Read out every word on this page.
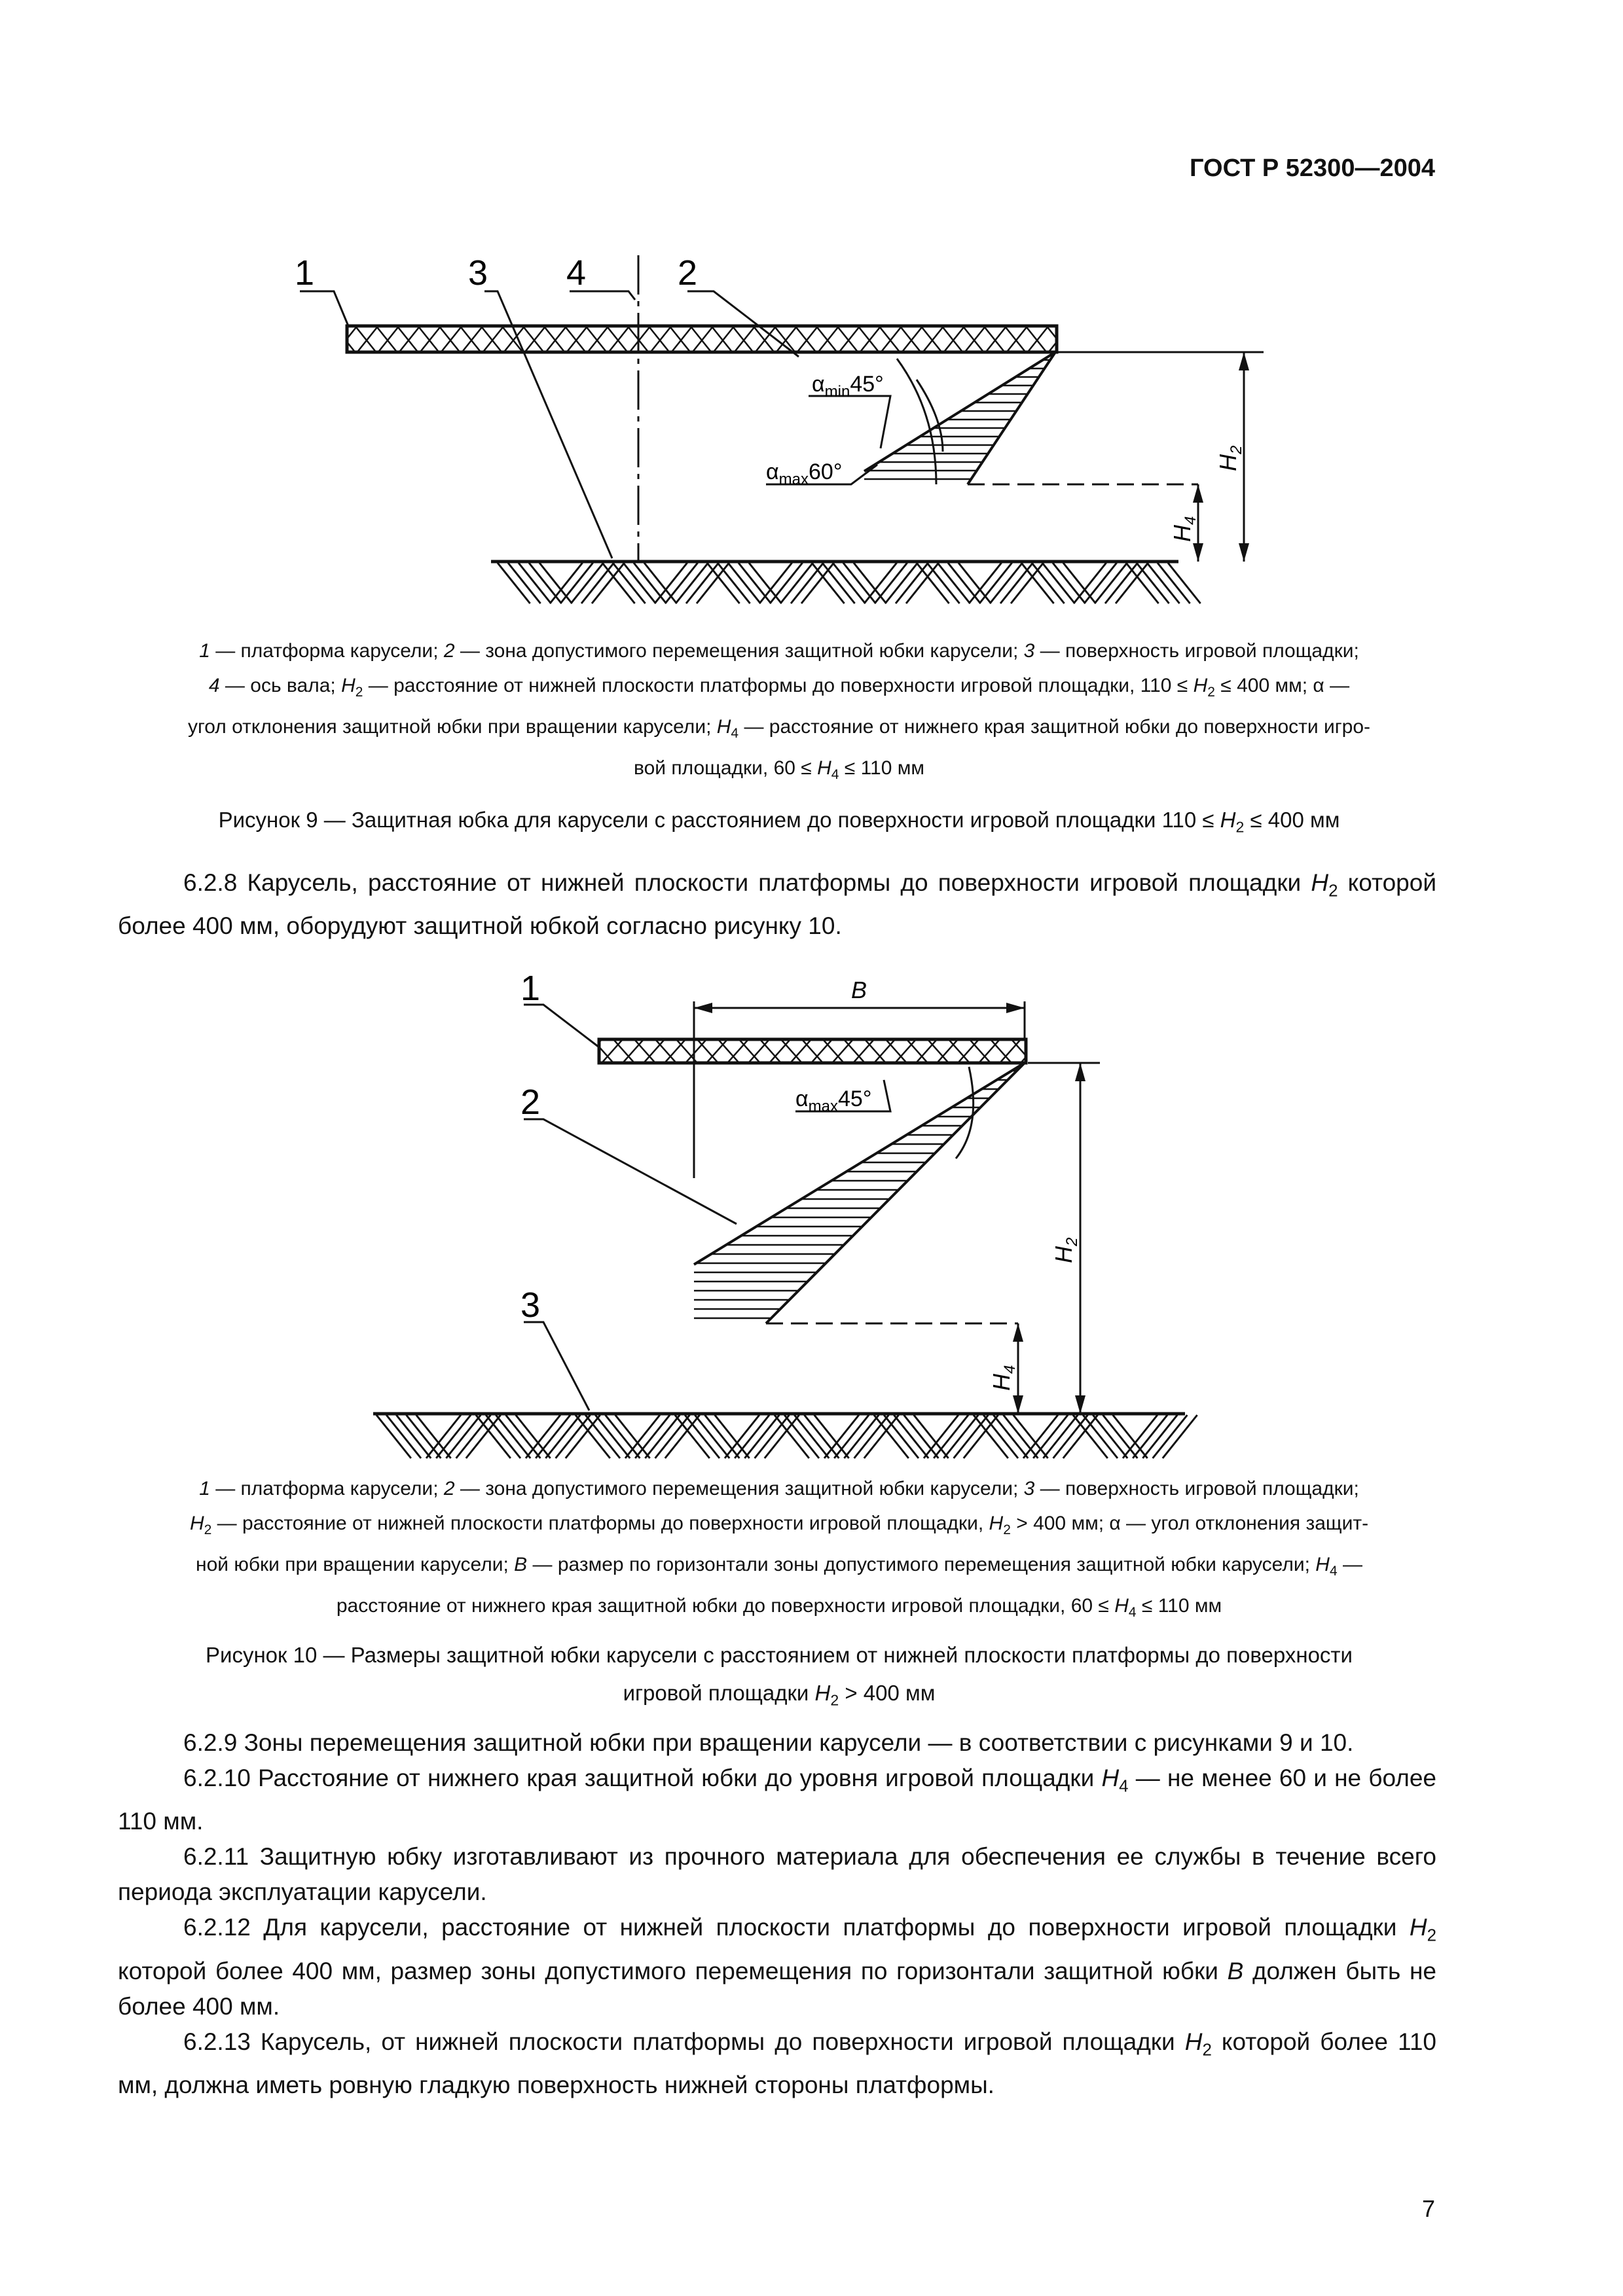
ГОСТ Р 52300—2004
1	3 4	2
$\alpha_{min}45^\circ$
$\alpha_{max}60^\circ$	$H_2$
$H_4$
1 — платформа карусели; 2 — зона допустимого перемещения защитной юбки карусели; 3 — поверхность игровой площадки;
4 — ось вала; $H_2$ — расстояние от нижней плоскости платформы до поверхности игровой площадки, $110 \le H_2 \le 400$ мм; α —
угол отклонения защитной юбки при вращении карусели; $H_4$ — расстояние от нижнего края защитной юбки до поверхности игро-
вой площадки, $60 \le H_4 \le 110$ мм
Рисунок 9 — Защитная юбка для карусели с расстоянием до поверхности игровой площадки $110 \le H_2 \le 400$ мм

6.2.8 Карусель, расстояние от нижней плоскости платформы до поверхности игровой площадки $H_2$ которой более 400 мм, оборудуют защитной юбкой согласно рисунку 10.

B
1
2
3
$\alpha_{max}45^\circ$
$H_2$
$H_4$
1 — платформа карусели; 2 — зона допустимого перемещения защитной юбки карусели; 3 — поверхность игровой площадки;
$H_2$ — расстояние от нижней плоскости платформы до поверхности игровой площадки, $H_2 > 400$ мм; α — угол отклонения защит-
ной юбки при вращении карусели; B — размер по горизонтали зоны допустимого перемещения защитной юбки карусели; $H_4$ —
расстояние от нижнего края защитной юбки до поверхности игровой площадки, $60 \le H_4 \le 110$ мм
Рисунок 10 — Размеры защитной юбки карусели с расстоянием от нижней плоскости платформы до поверхности
игровой площадки $H_2 > 400$ мм

6.2.9 Зоны перемещения защитной юбки при вращении карусели — в соответствии с рисунками 9 и 10.

6.2.10 Расстояние от нижнего края защитной юбки до уровня игровой площадки $H_4$ — не менее 60 и не более 110 мм.

6.2.11 Защитную юбку изготавливают из прочного материала для обеспечения ее службы в течение всего периода эксплуатации карусели.

6.2.12 Для карусели, расстояние от нижней плоскости платформы до поверхности игровой площадки $H_2$ которой более 400 мм, размер зоны допустимого перемещения по горизонтали защитной юбки B должен быть не более 400 мм.

6.2.13 Карусель, от нижней плоскости платформы до поверхности игровой площадки $H_2$ которой более 110 мм, должна иметь ровную гладкую поверхность нижней стороны платформы.

7
